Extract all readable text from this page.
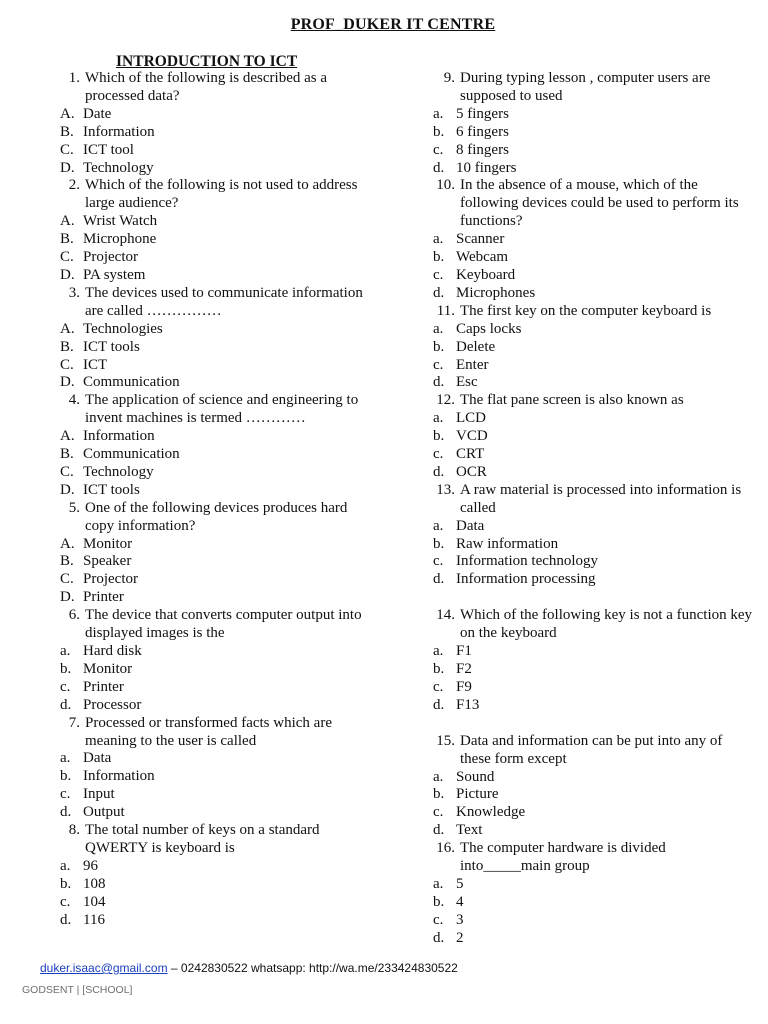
PROF_DUKER IT CENTRE
INTRODUCTION TO ICT
1. Which of the following is described as a processed data?
A. Date
B. Information
C. ICT tool
D. Technology
2. Which of the following is not used to address large audience?
A. Wrist Watch
B. Microphone
C. Projector
D. PA system
3. The devices used to communicate information are called ……………
A. Technologies
B. ICT tools
C. ICT
D. Communication
4. The application of science and engineering to invent machines is termed …………
A. Information
B. Communication
C. Technology
D. ICT tools
5. One of the following devices produces hard copy information?
A. Monitor
B. Speaker
C. Projector
D. Printer
6. The device that converts computer output into displayed images is the
a. Hard disk
b. Monitor
c. Printer
d. Processor
7. Processed or transformed facts which are meaning to the user is called
a. Data
b. Information
c. Input
d. Output
8. The total number of keys on a standard QWERTY is keyboard is
a. 96
b. 108
c. 104
d. 116
9. During typing lesson , computer users are supposed to used
a. 5 fingers
b. 6 fingers
c. 8 fingers
d. 10 fingers
10. In the absence of a mouse, which of the following devices could be used to perform its functions?
a. Scanner
b. Webcam
c. Keyboard
d. Microphones
11. The first key on the computer keyboard is
a. Caps locks
b. Delete
c. Enter
d. Esc
12. The flat pane screen is also known as
a. LCD
b. VCD
c. CRT
d. OCR
13. A raw material is processed into information is called
a. Data
b. Raw information
c. Information technology
d. Information processing
14. Which of the following key is not a function key on the keyboard
a. F1
b. F2
c. F9
d. F13
15. Data and information can be put into any of these form except
a. Sound
b. Picture
c. Knowledge
d. Text
16. The computer hardware is divided into_____main group
a. 5
b. 4
c. 3
d. 2
duker.isaac@gmail.com – 0242830522 whatsapp: http://wa.me/233424830522
GODSENT | [SCHOOL]
